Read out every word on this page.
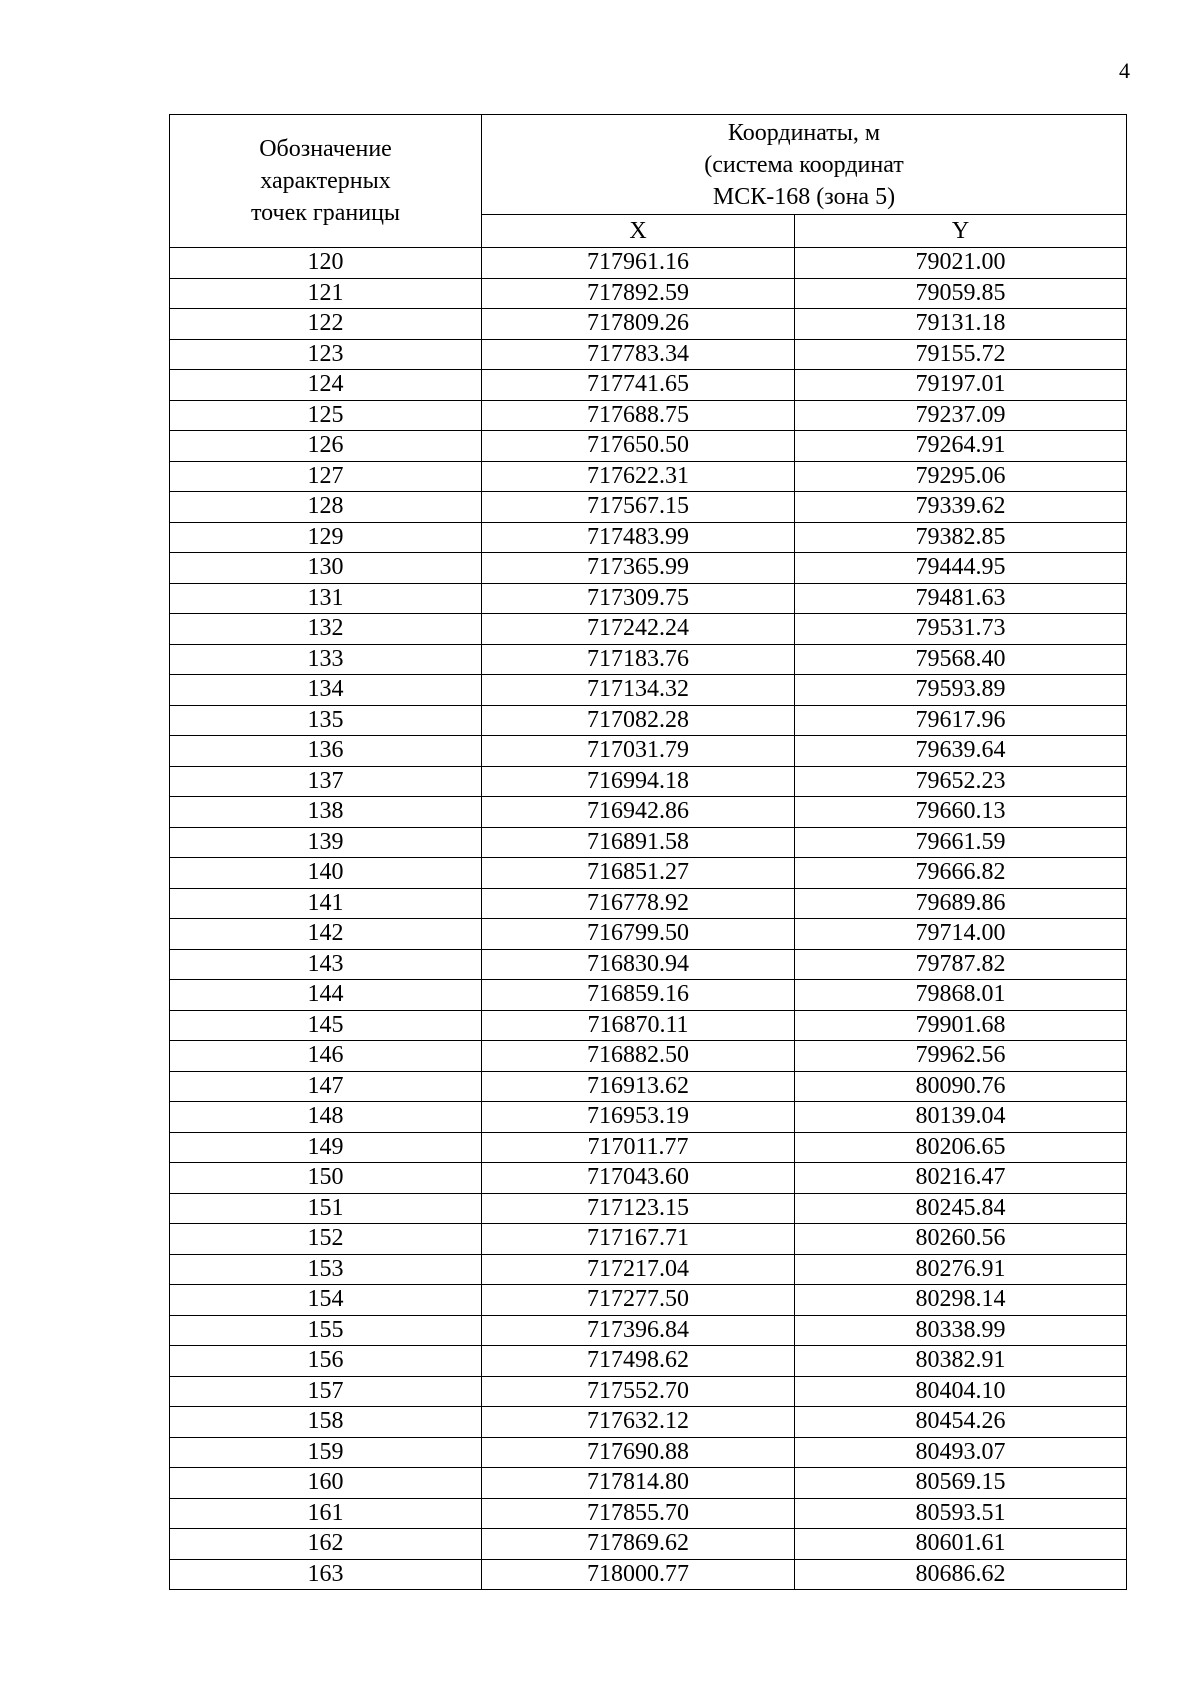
4
Обозначение
характерных
точек границы	Координаты, м
(система координат
МСК-168 (зона 5)	

	X	Y
120	717961.16	79021.00
121	717892.59	79059.85
122	717809.26	79131.18
123	717783.34	79155.72
124	717741.65	79197.01
125	717688.75	79237.09
126	717650.50	79264.91
127	717622.31	79295.06
128	717567.15	79339.62
129	717483.99	79382.85
130	717365.99	79444.95
131	717309.75	79481.63
132	717242.24	79531.73
133	717183.76	79568.40
134	717134.32	79593.89
135	717082.28	79617.96
136	717031.79	79639.64
137	716994.18	79652.23
138	716942.86	79660.13
139	716891.58	79661.59
140	716851.27	79666.82
141	716778.92	79689.86
142	716799.50	79714.00
143	716830.94	79787.82
144	716859.16	79868.01
145	716870.11	79901.68
146	716882.50	79962.56
147	716913.62	80090.76
148	716953.19	80139.04
149	717011.77	80206.65
150	717043.60	80216.47
151	717123.15	80245.84
152	717167.71	80260.56
153	717217.04	80276.91
154	717277.50	80298.14
155	717396.84	80338.99
156	717498.62	80382.91
157	717552.70	80404.10
158	717632.12	80454.26
159	717690.88	80493.07
160	717814.80	80569.15
161	717855.70	80593.51
162	717869.62	80601.61
163	718000.77	80686.62
